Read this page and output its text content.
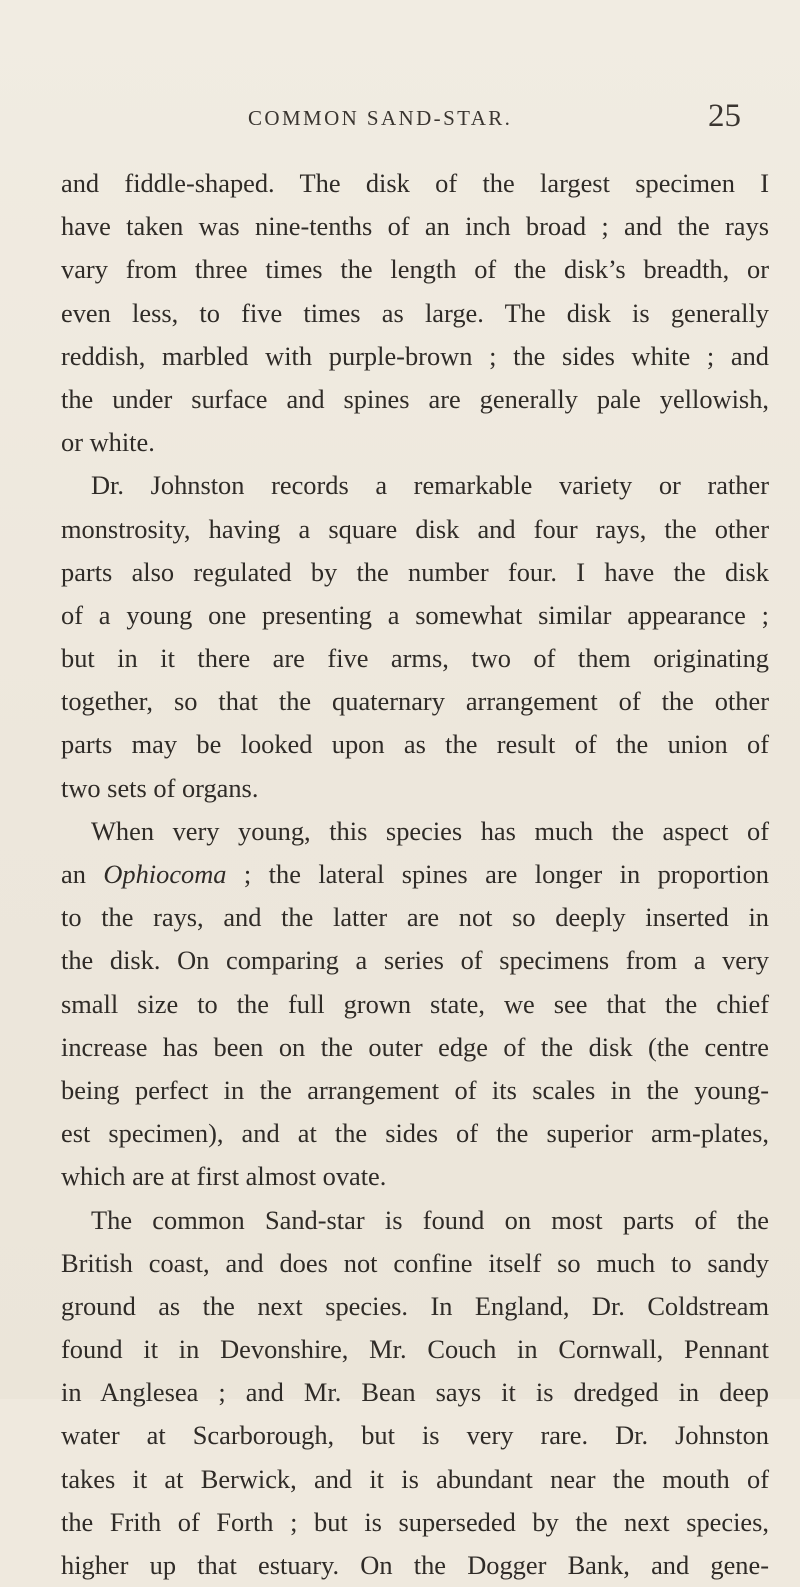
COMMON SAND-STAR.	25
and fiddle-shaped. The disk of the largest specimen I
have taken was nine-tenths of an inch broad ; and the rays
vary from three times the length of the disk’s breadth, or
even less, to five times as large. The disk is generally
reddish, marbled with purple-brown ; the sides white ; and
the under surface and spines are generally pale yellowish,
or white.
Dr. Johnston records a remarkable variety or rather
monstrosity, having a square disk and four rays, the other
parts also regulated by the number four. I have the disk
of a young one presenting a somewhat similar appearance ;
but in it there are five arms, two of them originating
together, so that the quaternary arrangement of the other
parts may be looked upon as the result of the union of
two sets of organs.
When very young, this species has much the aspect of
an Ophiocoma ; the lateral spines are longer in proportion
to the rays, and the latter are not so deeply inserted in
the disk. On comparing a series of specimens from a very
small size to the full grown state, we see that the chief
increase has been on the outer edge of the disk (the centre
being perfect in the arrangement of its scales in the young-
est specimen), and at the sides of the superior arm-plates,
which are at first almost ovate.
The common Sand-star is found on most parts of the
British coast, and does not confine itself so much to sandy
ground as the next species. In England, Dr. Coldstream
found it in Devonshire, Mr. Couch in Cornwall, Pennant
in Anglesea ; and Mr. Bean says it is dredged in deep
water at Scarborough, but is very rare. Dr. Johnston
takes it at Berwick, and it is abundant near the mouth of
the Frith of Forth ; but is superseded by the next species,
higher up that estuary. On the Dogger Bank, and gene-
